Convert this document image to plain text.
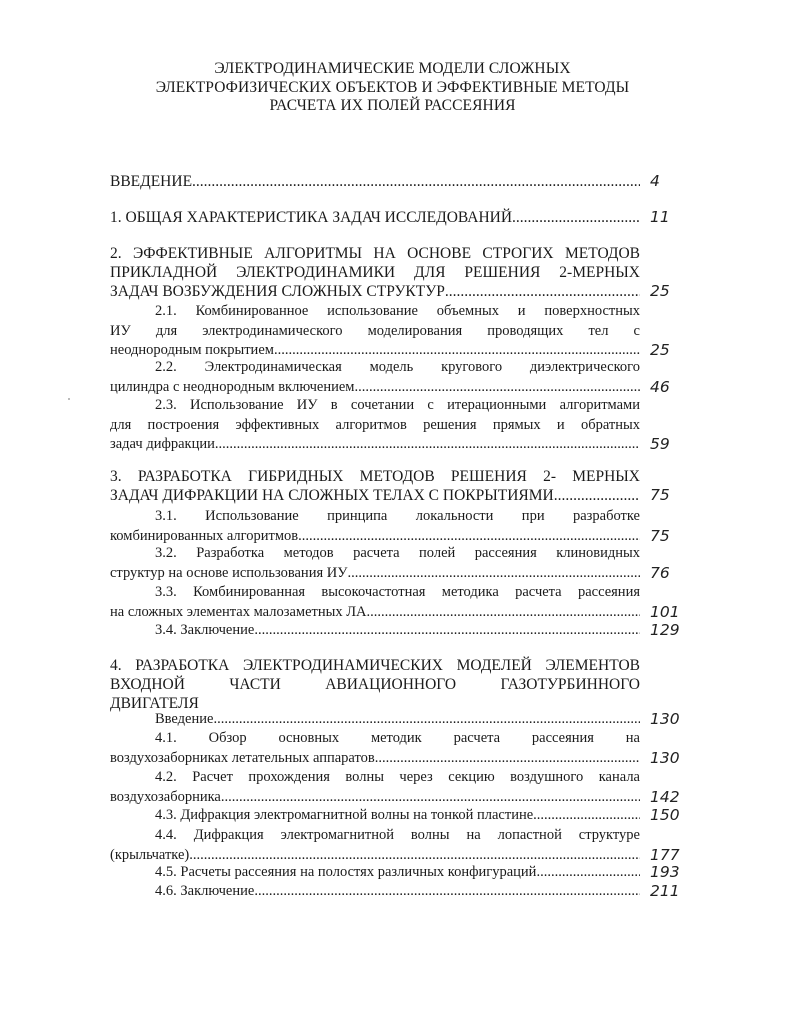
ЭЛЕКТРОДИНАМИЧЕСКИЕ МОДЕЛИ СЛОЖНЫХ
ЭЛЕКТРОФИЗИЧЕСКИХ ОБЪЕКТОВ И ЭФФЕКТИВНЫЕ МЕТОДЫ
РАСЧЕТА ИХ ПОЛЕЙ РАССЕЯНИЯ
ВВЕДЕНИЕ .....	4
1. ОБЩАЯ ХАРАКТЕРИСТИКА ЗАДАЧ ИССЛЕДОВАНИЙ .....	11
2. ЭФФЕКТИВНЫЕ АЛГОРИТМЫ НА ОСНОВЕ СТРОГИХ МЕТОДОВ
ПРИКЛАДНОЙ ЭЛЕКТРОДИНАМИКИ ДЛЯ РЕШЕНИЯ 2-МЕРНЫХ
ЗАДАЧ ВОЗБУЖДЕНИЯ СЛОЖНЫХ СТРУКТУР .....	25
2.1. Комбинированное использование объемных и поверхностных
ИУ для электродинамического моделирования проводящих тел с
неоднородным покрытием .....	25
2.2. Электродинамическая модель кругового диэлектрического
цилиндра с неоднородным включением .....	46
2.3. Использование ИУ в сочетании с итерационными алгоритмами
для построения эффективных алгоритмов решения прямых и обратных
задач дифракции .....	59
3. РАЗРАБОТКА ГИБРИДНЫХ МЕТОДОВ РЕШЕНИЯ 2- МЕРНЫХ
ЗАДАЧ ДИФРАКЦИИ НА СЛОЖНЫХ ТЕЛАХ С ПОКРЫТИЯМИ .....	75
3.1. Использование принципа локальности при разработке
комбинированных алгоритмов .....	75
3.2. Разработка методов расчета полей рассеяния клиновидных
структур на основе использования ИУ .....	76
3.3. Комбинированная высокочастотная методика расчета рассеяния
на сложных элементах малозаметных ЛА .....	101
3.4. Заключение .....	129
4. РАЗРАБОТКА ЭЛЕКТРОДИНАМИЧЕСКИХ МОДЕЛЕЙ ЭЛЕМЕНТОВ
ВХОДНОЙ ЧАСТИ АВИАЦИОННОГО ГАЗОТУРБИННОГО
ДВИГАТЕЛЯ
Введение .....	130
4.1. Обзор основных методик расчета рассеяния на
воздухозаборниках летательных аппаратов .....	130
4.2. Расчет прохождения волны через секцию воздушного канала
воздухозаборника .....	142
4.3. Дифракция электромагнитной волны на тонкой пластине .....	150
4.4. Дифракция электромагнитной волны на лопастной структуре
(крыльчатке) .....	177
4.5. Расчеты рассеяния на полостях различных конфигураций .....	193
4.6. Заключение .....	211
